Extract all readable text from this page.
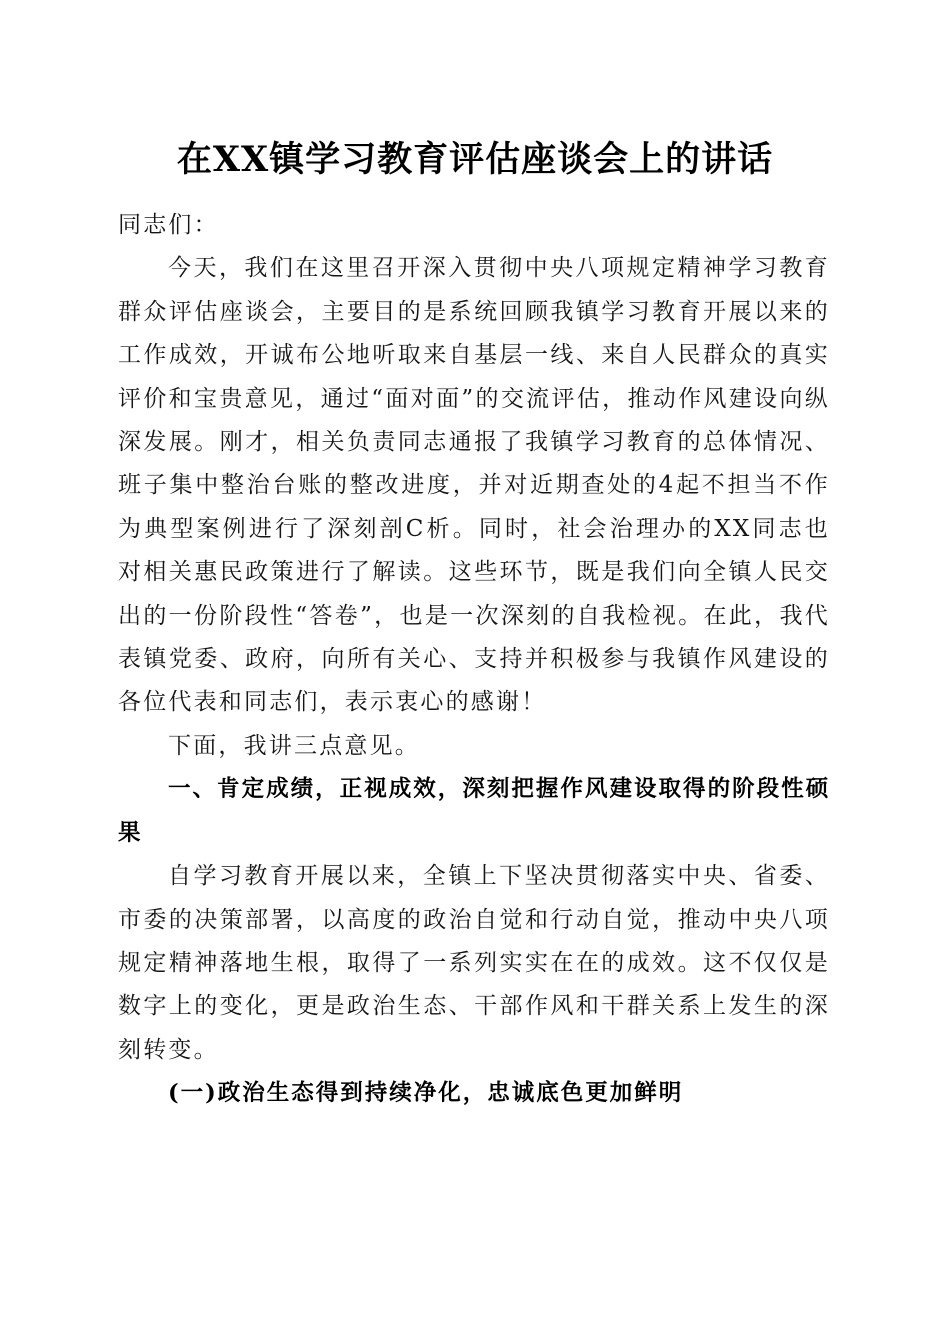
在XX镇学习教育评估座谈会上的讲话

同志们：

今天，我们在这里召开深入贯彻中央八项规定精神学习教育群众评估座谈会，主要目的是系统回顾我镇学习教育开展以来的工作成效，开诚布公地听取来自基层一线、来自人民群众的真实评价和宝贵意见，通过“面对面”的交流评估，推动作风建设向纵深发展。刚才，相关负责同志通报了我镇学习教育的总体情况、班子集中整治台账的整改进度，并对近期查处的4起不担当不作为典型案例进行了深刻剖C析。同时，社会治理办的XX同志也对相关惠民政策进行了解读。这些环节，既是我们向全镇人民交出的一份阶段性“答卷”，也是一次深刻的自我检视。在此，我代表镇党委、政府，向所有关心、支持并积极参与我镇作风建设的各位代表和同志们，表示衷心的感谢！

下面，我讲三点意见。

一、肯定成绩，正视成效，深刻把握作风建设取得的阶段性硕果

自学习教育开展以来，全镇上下坚决贯彻落实中央、省委、市委的决策部署，以高度的政治自觉和行动自觉，推动中央八项规定精神落地生根，取得了一系列实实在在的成效。这不仅仅是数字上的变化，更是政治生态、干部作风和干群关系上发生的深刻转变。

(一)政治生态得到持续净化，忠诚底色更加鲜明
